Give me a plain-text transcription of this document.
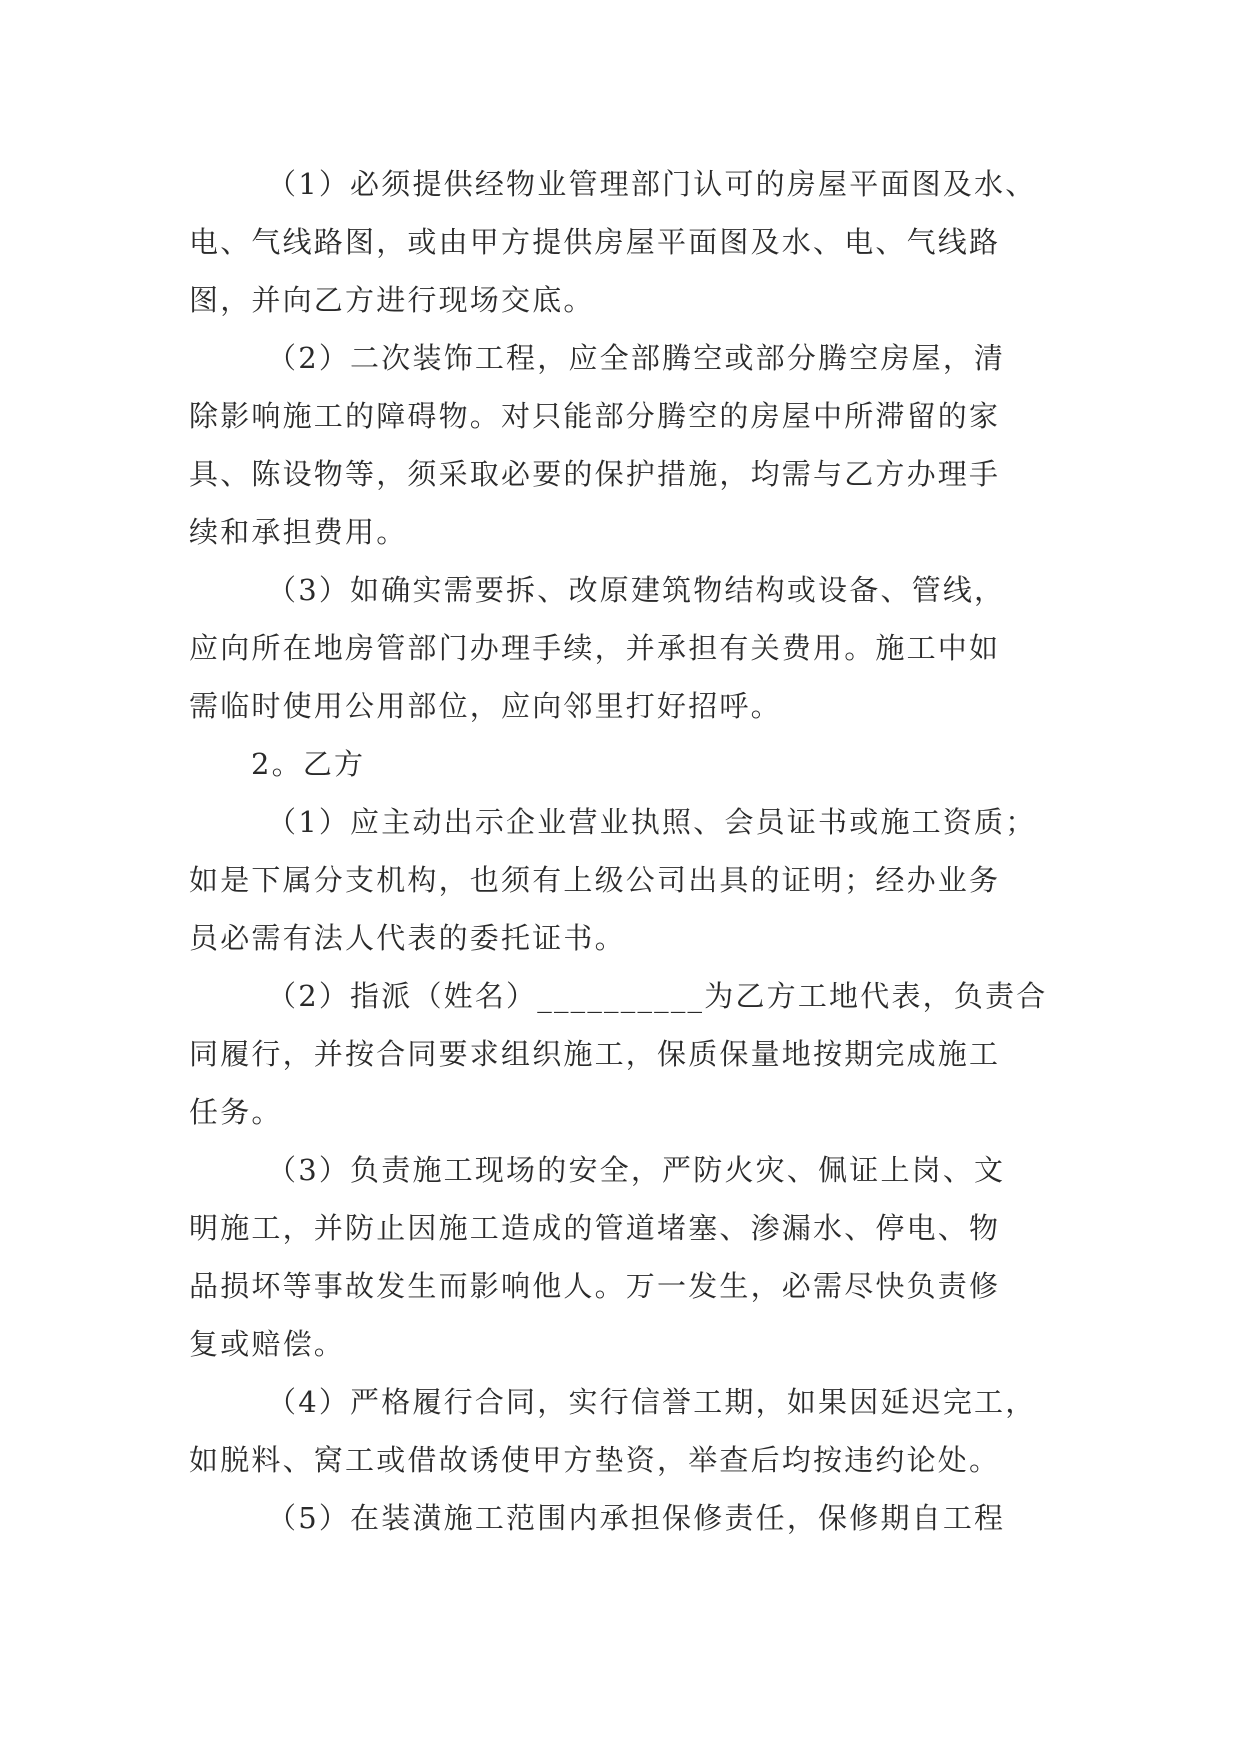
（1）必须提供经物业管理部门认可的房屋平面图及水、
电、气线路图，或由甲方提供房屋平面图及水、电、气线路
图，并向乙方进行现场交底。
（2）二次装饰工程，应全部腾空或部分腾空房屋，清
除影响施工的障碍物。对只能部分腾空的房屋中所滞留的家
具、陈设物等，须采取必要的保护措施，均需与乙方办理手
续和承担费用。
（3）如确实需要拆、改原建筑物结构或设备、管线，
应向所在地房管部门办理手续，并承担有关费用。施工中如
需临时使用公用部位，应向邻里打好招呼。
2。乙方
（1）应主动出示企业营业执照、会员证书或施工资质；
如是下属分支机构，也须有上级公司出具的证明；经办业务
员必需有法人代表的委托证书。
（2）指派（姓名）__________为乙方工地代表，负责合
同履行，并按合同要求组织施工，保质保量地按期完成施工
任务。
（3）负责施工现场的安全，严防火灾、佩证上岗、文
明施工，并防止因施工造成的管道堵塞、渗漏水、停电、物
品损坏等事故发生而影响他人。万一发生，必需尽快负责修
复或赔偿。
（4）严格履行合同，实行信誉工期，如果因延迟完工，
如脱料、窝工或借故诱使甲方垫资，举查后均按违约论处。
（5）在装潢施工范围内承担保修责任，保修期自工程
